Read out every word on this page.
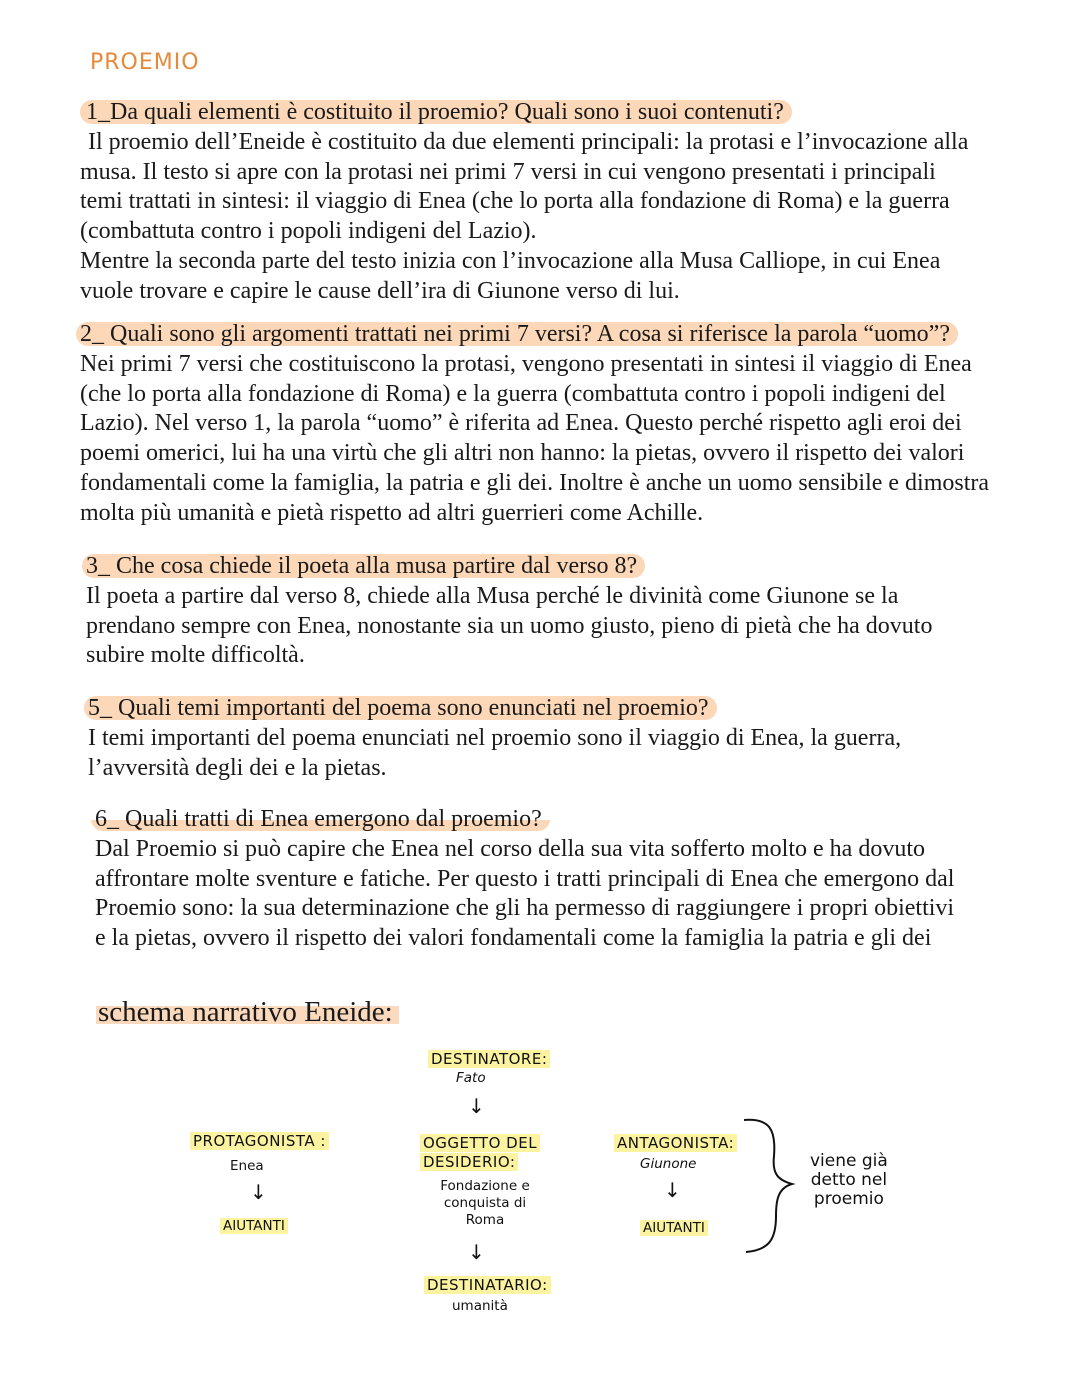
PROEMIO
1_Da quali elementi è costituito il proemio? Quali sono i suoi contenuti?
Il proemio dell’Eneide è costituito da due elementi principali: la protasi e l’invocazione alla
musa. Il testo si apre con la protasi nei primi 7 versi in cui vengono presentati i principali
temi trattati in sintesi: il viaggio di Enea (che lo porta alla fondazione di Roma) e la guerra
(combattuta contro i popoli indigeni del Lazio).
Mentre la seconda parte del testo inizia con l’invocazione alla Musa Calliope, in cui Enea
vuole trovare e capire le cause dell’ira di Giunone verso di lui.
2_ Quali sono gli argomenti trattati nei primi 7 versi? A cosa si riferisce la parola “uomo”?
Nei primi 7 versi che costituiscono la protasi, vengono presentati in sintesi il viaggio di Enea
(che lo porta alla fondazione di Roma) e la guerra (combattuta contro i popoli indigeni del
Lazio). Nel verso 1, la parola “uomo” è riferita ad Enea. Questo perché rispetto agli eroi dei
poemi omerici, lui ha una virtù che gli altri non hanno: la pietas, ovvero il rispetto dei valori
fondamentali come la famiglia, la patria e gli dei. Inoltre è anche un uomo sensibile e dimostra
molta più umanità e pietà rispetto ad altri guerrieri come Achille.
3_ Che cosa chiede il poeta alla musa partire dal verso 8?
Il poeta a partire dal verso 8, chiede alla Musa perché le divinità come Giunone se la
prendano sempre con Enea, nonostante sia un uomo giusto, pieno di pietà che ha dovuto
subire molte difficoltà.
5_ Quali temi importanti del poema sono enunciati nel proemio?
I temi importanti del poema enunciati nel proemio sono il viaggio di Enea, la guerra,
l’avversità degli dei e la pietas.
6_ Quali tratti di Enea emergono dal proemio?
Dal Proemio si può capire che Enea nel corso della sua vita sofferto molto e ha dovuto
affrontare molte sventure e fatiche. Per questo i tratti principali di Enea che emergono dal
Proemio sono: la sua determinazione che gli ha permesso di raggiungere i propri obiettivi
e la pietas, ovvero il rispetto dei valori fondamentali come la famiglia la patria e gli dei
schema narrativo Eneide:
DESTINATORE:
Fato
↓
OGGETTO DEL
DESIDERIO:
Fondazione e
conquista di
Roma
↓
DESTINATARIO:
umanità
PROTAGONISTA :
Enea
↓
AIUTANTI
ANTAGONISTA:
Giunone
↓
AIUTANTI
viene già
detto nel
proemio
